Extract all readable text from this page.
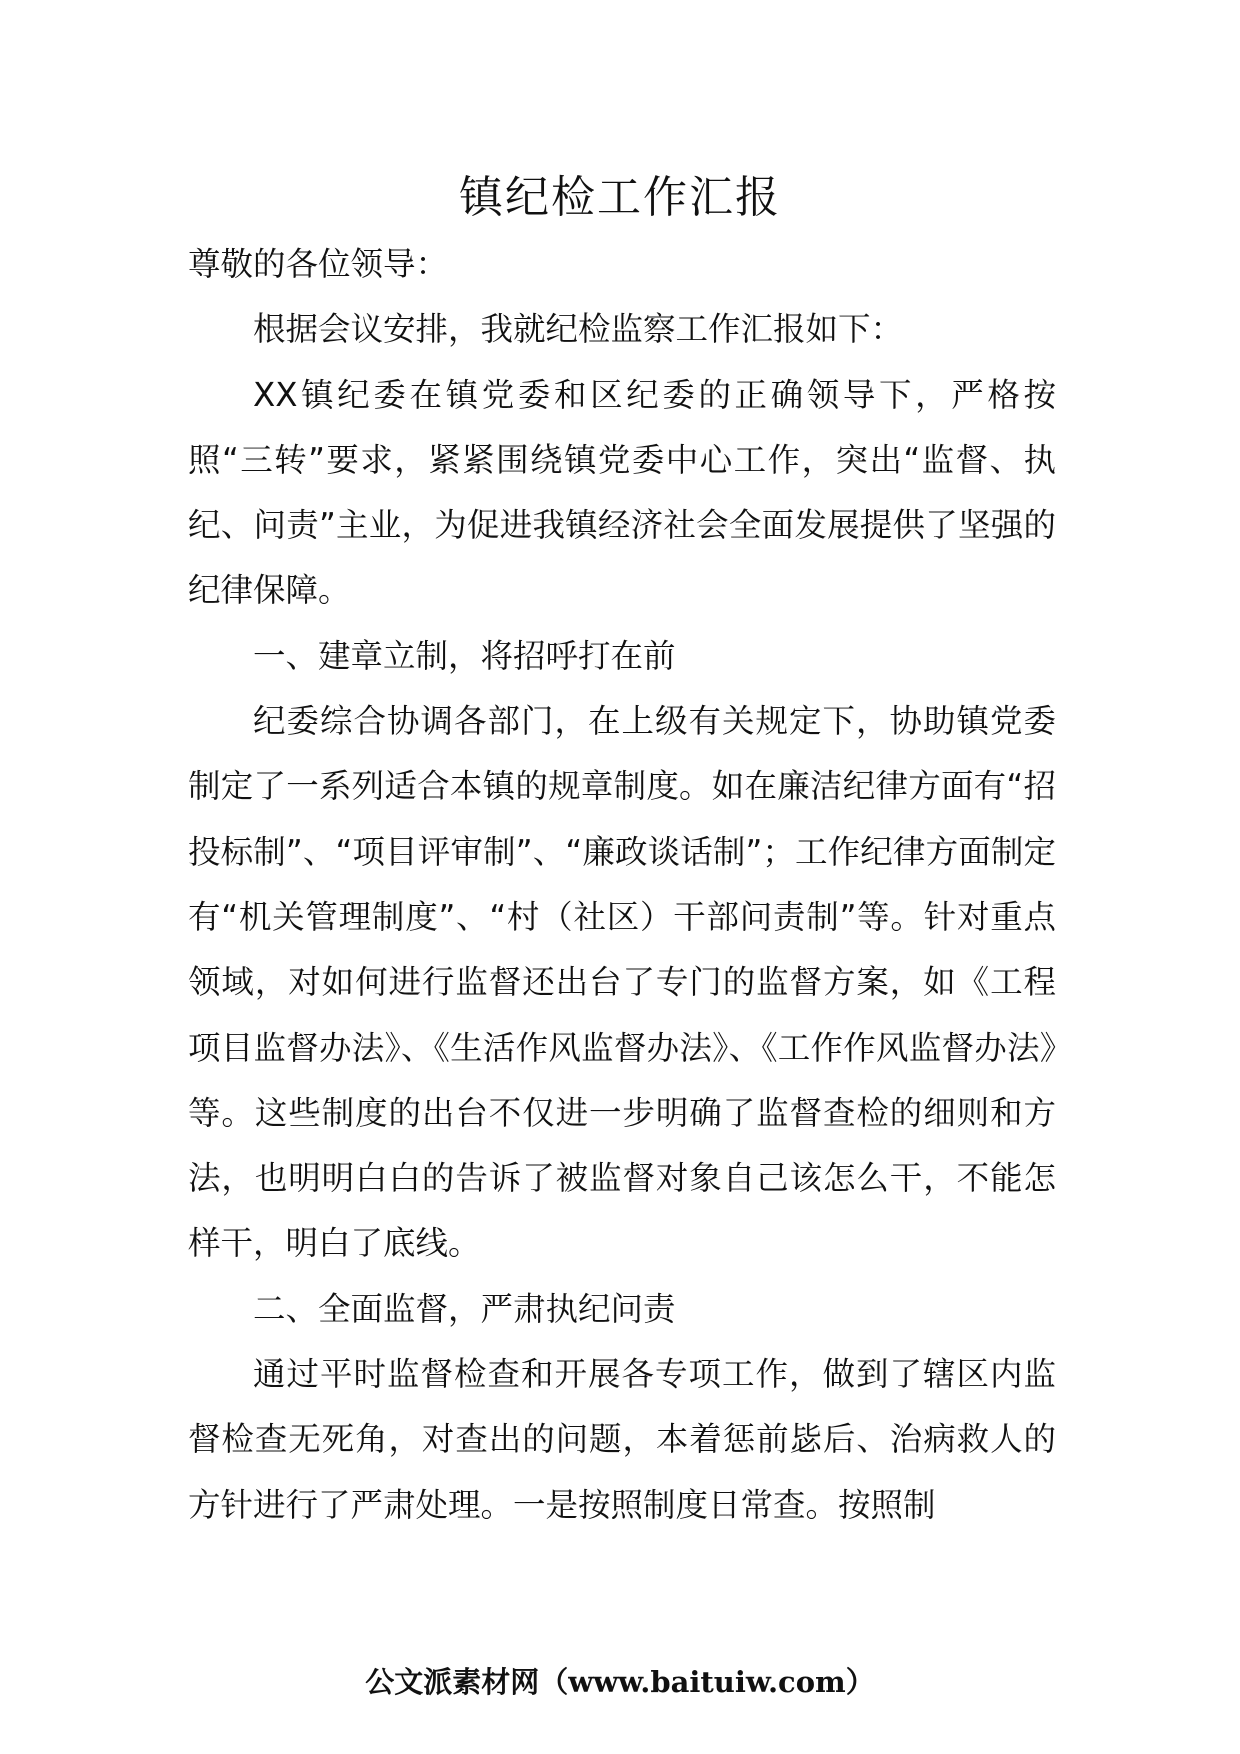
镇纪检工作汇报

尊敬的各位领导：

根据会议安排，我就纪检监察工作汇报如下：

XX镇纪委在镇党委和区纪委的正确领导下，严格按照“三转”要求，紧紧围绕镇党委中心工作，突出“监督、执纪、问责”主业，为促进我镇经济社会全面发展提供了坚强的纪律保障。

一、建章立制，将招呼打在前

纪委综合协调各部门，在上级有关规定下，协助镇党委制定了一系列适合本镇的规章制度。如在廉洁纪律方面有“招投标制”、“项目评审制”、“廉政谈话制”；工作纪律方面制定有“机关管理制度”、“村（社区）干部问责制”等。针对重点领域，对如何进行监督还出台了专门的监督方案，如《工程项目监督办法》、《生活作风监督办法》、《工作作风监督办法》等。这些制度的出台不仅进一步明确了监督查检的细则和方法，也明明白白的告诉了被监督对象自己该怎么干，不能怎样干，明白了底线。

二、全面监督，严肃执纪问责

通过平时监督检查和开展各专项工作，做到了辖区内监督检查无死角，对查出的问题，本着惩前毖后、治病救人的方针进行了严肃处理。一是按照制度日常查。按照制

公文派素材网（www.baituiw.com）
